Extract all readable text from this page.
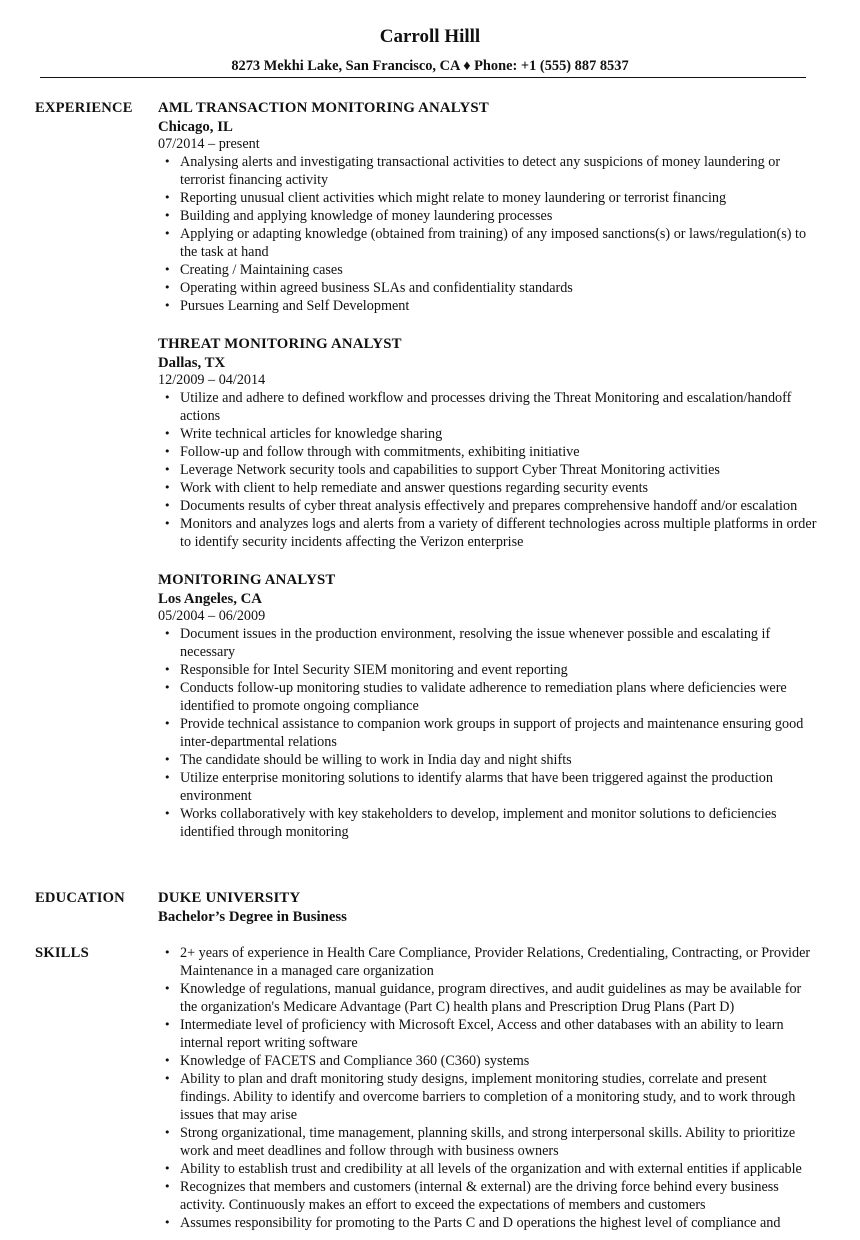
Carroll Hilll
8273 Mekhi Lake, San Francisco, CA ♦ Phone: +1 (555) 887 8537
EXPERIENCE AML TRANSACTION MONITORING ANALYST
Chicago, IL
07/2014 – present
• Analysing alerts and investigating transactional activities to detect any suspicions of money laundering or terrorist financing activity
• Reporting unusual client activities which might relate to money laundering or terrorist financing
• Building and applying knowledge of money laundering processes
• Applying or adapting knowledge (obtained from training) of any imposed sanctions(s) or laws/regulation(s) to the task at hand
• Creating / Maintaining cases
• Operating within agreed business SLAs and confidentiality standards
• Pursues Learning and Self Development
THREAT MONITORING ANALYST
Dallas, TX
12/2009 – 04/2014
• Utilize and adhere to defined workflow and processes driving the Threat Monitoring and escalation/handoff actions
• Write technical articles for knowledge sharing
• Follow-up and follow through with commitments, exhibiting initiative
• Leverage Network security tools and capabilities to support Cyber Threat Monitoring activities
• Work with client to help remediate and answer questions regarding security events
• Documents results of cyber threat analysis effectively and prepares comprehensive handoff and/or escalation
• Monitors and analyzes logs and alerts from a variety of different technologies across multiple platforms in order to identify security incidents affecting the Verizon enterprise
MONITORING ANALYST
Los Angeles, CA
05/2004 – 06/2009
• Document issues in the production environment, resolving the issue whenever possible and escalating if necessary
• Responsible for Intel Security SIEM monitoring and event reporting
• Conducts follow-up monitoring studies to validate adherence to remediation plans where deficiencies were identified to promote ongoing compliance
• Provide technical assistance to companion work groups in support of projects and maintenance ensuring good inter-departmental relations
• The candidate should be willing to work in India day and night shifts
• Utilize enterprise monitoring solutions to identify alarms that have been triggered against the production environment
• Works collaboratively with key stakeholders to develop, implement and monitor solutions to deficiencies identified through monitoring
EDUCATION DUKE UNIVERSITY
Bachelor’s Degree in Business
SKILLS
•	2+ years of experience in Health Care Compliance, Provider Relations, Credentialing, Contracting, or Provider Maintenance in a managed care organization
• Knowledge of regulations, manual guidance, program directives, and audit guidelines as may be available for the organization's Medicare Advantage (Part C) health plans and Prescription Drug Plans (Part D)
• Intermediate level of proficiency with Microsoft Excel, Access and other databases with an ability to learn internal report writing software
• Knowledge of FACETS and Compliance 360 (C360) systems
• Ability to plan and draft monitoring study designs, implement monitoring studies, correlate and present findings. Ability to identify and overcome barriers to completion of a monitoring study, and to work through issues that may arise
• Strong organizational, time management, planning skills, and strong interpersonal skills. Ability to prioritize work and meet deadlines and follow through with business owners
• Ability to establish trust and credibility at all levels of the organization and with external entities if applicable
• Recognizes that members and customers (internal & external) are the driving force behind every business activity. Continuously makes an effort to exceed the expectations of members and customers
• Assumes responsibility for promoting to the Parts C and D operations the highest level of compliance and
